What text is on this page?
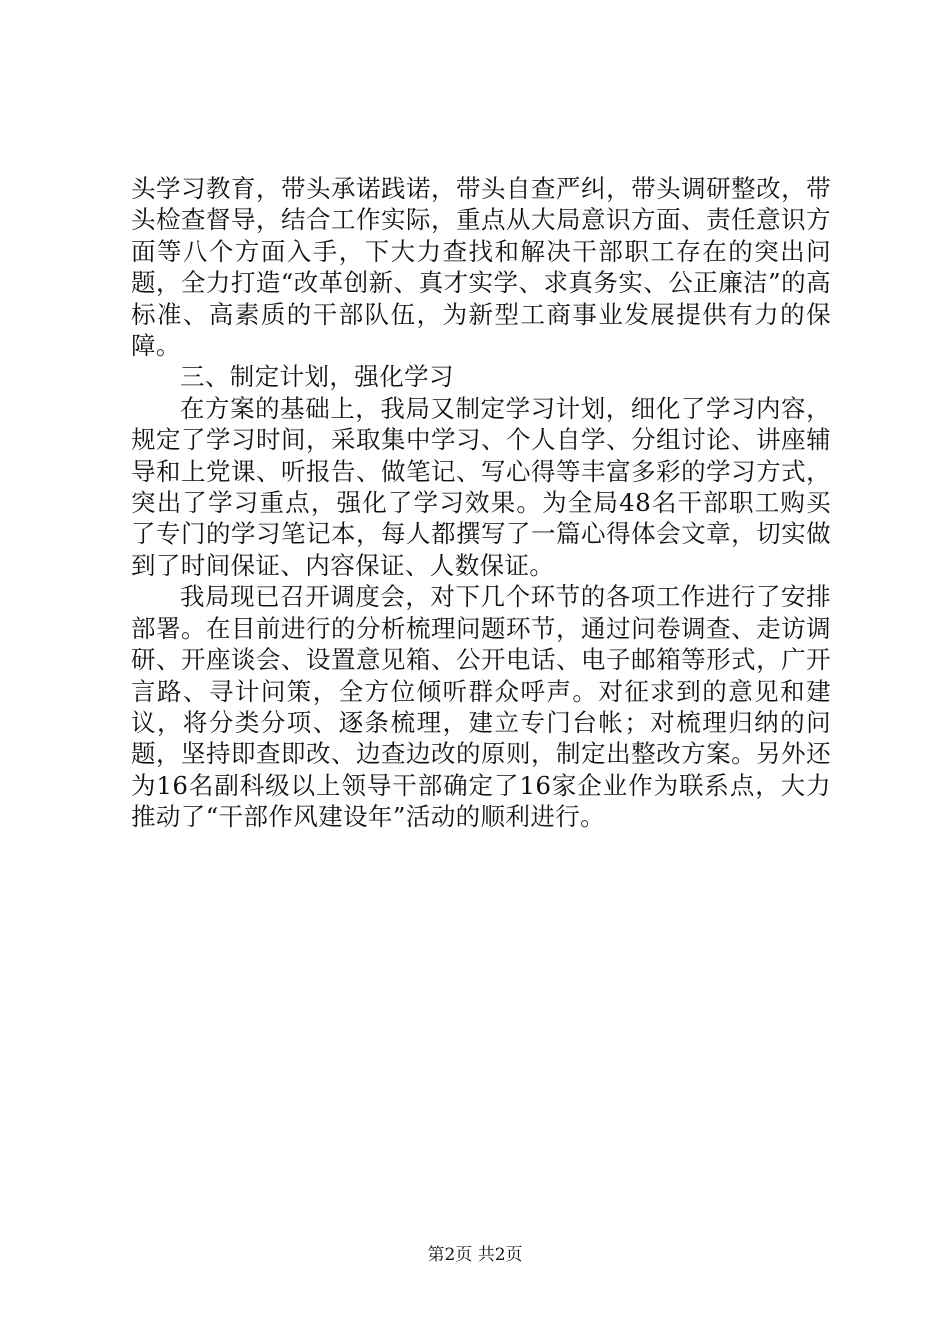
头学习教育，带头承诺践诺，带头自查严纠，带头调研整改，带头检查督导，结合工作实际，重点从大局意识方面、责任意识方面等八个方面入手，下大力查找和解决干部职工存在的突出问题，全力打造“改革创新、真才实学、求真务实、公正廉洁”的高标准、高素质的干部队伍，为新型工商事业发展提供有力的保障。

三、制定计划，强化学习

在方案的基础上，我局又制定学习计划，细化了学习内容，规定了学习时间，采取集中学习、个人自学、分组讨论、讲座辅导和上党课、听报告、做笔记、写心得等丰富多彩的学习方式，突出了学习重点，强化了学习效果。为全局48名干部职工购买了专门的学习笔记本，每人都撰写了一篇心得体会文章，切实做到了时间保证、内容保证、人数保证。

我局现已召开调度会，对下几个环节的各项工作进行了安排部署。在目前进行的分析梳理问题环节，通过问卷调查、走访调研、开座谈会、设置意见箱、公开电话、电子邮箱等形式，广开言路、寻计问策，全方位倾听群众呼声。对征求到的意见和建议，将分类分项、逐条梳理，建立专门台帐；对梳理归纳的问题，坚持即查即改、边查边改的原则，制定出整改方案。另外还为16名副科级以上领导干部确定了16家企业作为联系点，大力推动了“干部作风建设年”活动的顺利进行。

第2页 共2页
